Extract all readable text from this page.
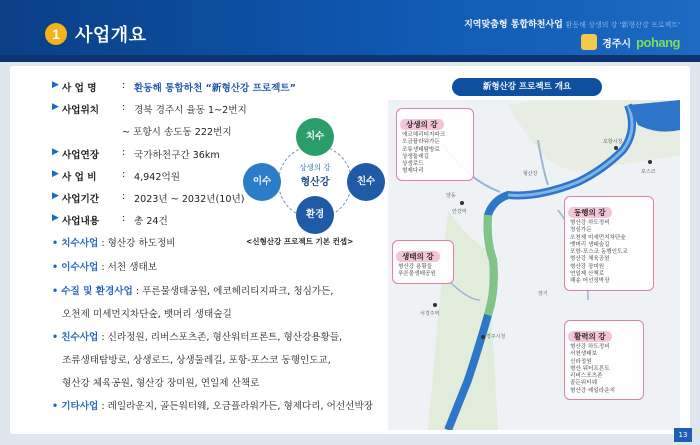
1 사업개요	지역맞춤형 통합하천사업 환동해 상생의 강 '新형산강 프로젝트'
경주시 pohang
▶ 사 업 명	: 환동해 통합하천 “新형산강 프로젝트”
▶ 사업위치	: 경북 경주시 율동 1~2번지
~ 포항시 송도동 222번지
▶ 사업연장	: 국가하천구간 36km
▶ 사 업 비	: 4,942억원
▶ 사업기간	: 2023년 ~ 2032년(10년)
▶ 사업내용	: 총 24건
• 치수사업 : 형산강 하도정비
• 이수사업 : 서천 생태보
• 수질 및 환경사업 : 푸른물생태공원, 에코헤리티지파크, 청심가든,
오천제 미세먼지차단숲, 뱃머리 생태숲길
• 친수사업 : 신라정원, 리버스포츠존, 형산워터프론트, 형산강용황들,
조류생태탐방로, 상생로드, 상생둘레길, 포항-포스코 동행인도교,
형산강 체육공원, 형산강 장미원, 연일제 산책로
• 기타사업 : 레일라운지, 골든워터웨, 오금플라워가든, 형제다리, 어선선박장
치수
이수	친수
환경
상생의 강
형산강
<신형산강 프로젝트 기본 컨셉>
포항시청
포스코
안강역
양동
서경주역
경주시청
장기
형산강
상생의 강
에코헤리티지파크
오금플라워가든
조류생태탐방로
상생둘레길
상생로드
형제다리
동행의 강
형산강 하도정비
청심가든
오천제 미세먼지차단숲
뱃머리 생태숲길
포항-포스코 동행인도교
형산강 체육공원
형산강 장미원
연일제 산책로
해송 어선정박장
생태의 강
형산강 용황들
푸른물생태공원
활력의 강
형산강 하도정비
서천생태보
신라정원
형산 워터프론트
리버스포츠존
골든워터웨
형산강 레일라운지
新형산강 프로젝트 개요
13
